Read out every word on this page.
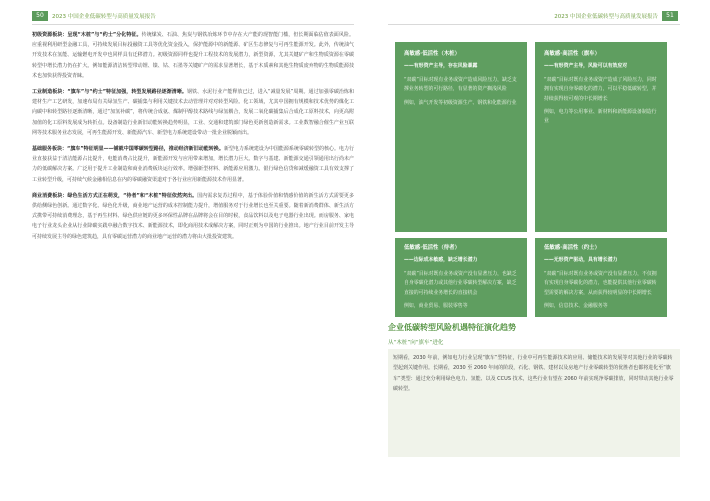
50	2023 中国企业低碳转型与高质量发展报告	2023 中国企业低碳转型与高质量发展报告	51

初级资源板块：呈现“木桩”与“约士”分化特征。传统煤炭、石油、焦炭与钢铁冶炼环节中存在大产能的现智能门槛，但长期面临估值表面风险。应重视利用研型金融工具，可持续发展目标投融资工具等优化资金投入，保护能源中的新能源、矿区生态修复与可再生能源开发。此外，传统油气开发技术在氢能、运输燃电开发中也同样具有迁移潜力。初级资源同样也提升工程技术的发展潜力，新型资源，尤其关键矿产和生物质资源在零碳转型中增长潜力仍在扩大。例如能源清洁转型带动锂、镍、钴、石墨等关键矿产的需求显著增长，基于木质素和其他生物质废弃物的生物质能源技术也加快获得投资青睐。

工业制造板块：“旗车”与“约士”特征加强，转型发展路径逐渐清晰。钢铁、水泥行业产能释放已过，进入“减量发展”周期。通过加强零碳治炼和建材生产工艺研发，加速布局有关绿氢生产、碳捕集与利用关键技术去动管理并对对转型风险。化工领域，尤其中国拥有规模和技术优势的煤化工向碳中和转型路径逐渐清晰，通过“加氢补碳”，将传统合成氨、煤制甲醇技术路线与绿氢耦合，发展二氧化碳捕集后合成化工原料技术，向更高附加值的化工原料发展成为转折点。设备制造行业新旧动能转换趋势明显，工业、交通和建筑部门绿色更新创造新需求。工业数智融合催生产业互联网等技术服务业态发展，可再生能源开发、新能源汽车、新型电力系统建设带动一批企业脱颖而出。

基础服务板块：“旗车”特征明显——铺就中国零碳转型路径，推动经济新旧动能转换。新型电力系统建设为中国能源系统零碳转型的核心。电力行业直接获益于清洁能源占比提升，电能消费占比提升，新能源开发与应用带来增加，增长潜力巨大。数字与基建、新能源交通引领通用出行尚未产力的低碳解决方案。广泛用于提升工业制造和商业消费板块运行效率。增强新型材料、新能源应用激力。银行绿色信贷和减缓融资工具有效支撑了工业转型升级，可持续气候金融相信息在内的零碳融资渠道对于各行业应用新能源技术作用显著。

商业消费板块：绿色生活方式正在萌发，“待者”和“木桩”特征依然突出。国内需求复苏过程中，基于体验价值和情感价值的新生活方式需要更多供给侧绿色创新。通过数字化、绿色化升级，商业地产运营的成本控制能力提升，增值服务对于行业增长也至关重要。随着新消费群体、新生活方式携带可持续消费理念，基于再生材料、绿色供应链的更多环保性品牌在品牌将会在目的时候，食品饮料以及电子电器行业出现。而房服务、家电电子行业龙头企业从行业降碳实践中融合数字技术、新能源技术，即化商用技术成解决方案，同时正则为中国的行业推出。地产行业目前开发主导可持续发展主导的绿色建筑趋，具有零碳运营潜力的商业地产运营的潜力将由大批投资建筑。

高敏感·低活性（木桩）
——有形资产主导，存在风险暴露
“双碳”目标对现有业务或资产造成风险压力，缺乏支撑业务转型的可行路径，有显著的资产搁浅风险
例如，油气开发等初级资源生产、钢铁和化能源行业
高敏感·高活性（旗车）
——有形资产主导，风险可以有效应对
“双碳”目标对既有业务或资产造成了风险压力，同时拥有实现自身零碳化的潜力，可以平稳低碳转型，并持续获得较可观的中长期增长
例如，电力等公用事业、新材料和新能源设备制造行业
低敏感·低活性（待者）
——边际成本敏感，缺乏增长潜力
“双碳”目标对既有业务或资产没有显著压力，也缺乏自身零碳化潜力或其他行业零碳转型解决方案，缺乏直接的可持续业务增长的直接机会
例如，商业贸易、服装零售等
低敏感·高活性（约士）
——无形资产驱动，具有增长潜力
“双碳”目标对既有业务或资产没有显著压力，不仅拥有实现自身零碳化的潜力，也能提供其他行业零碳转型需要的解决方案，从而获得较明显的中长期增长
例如，信息技术、金融服务等
企业低碳转型风险机遇特征演化趋势
从“木桩”向“旗车”进化
短期看，2030 年前，例如电力行业呈现“旗车”型特征，行业中可再生能源技术的应用、储能技术的发展等对其他行业的零碳转型起到关键作用。长期看，2030 至 2060 年间的阶段，石化、钢铁、建材以及房地产行业零碳转型的优胜者也都将进化至“旗车”类型：通过充分利用绿色电力、氢能、以及 CCUS 技术，这些行业有望在 2060 年前实现净零碳排放，同时带动其他行业零碳转型。
